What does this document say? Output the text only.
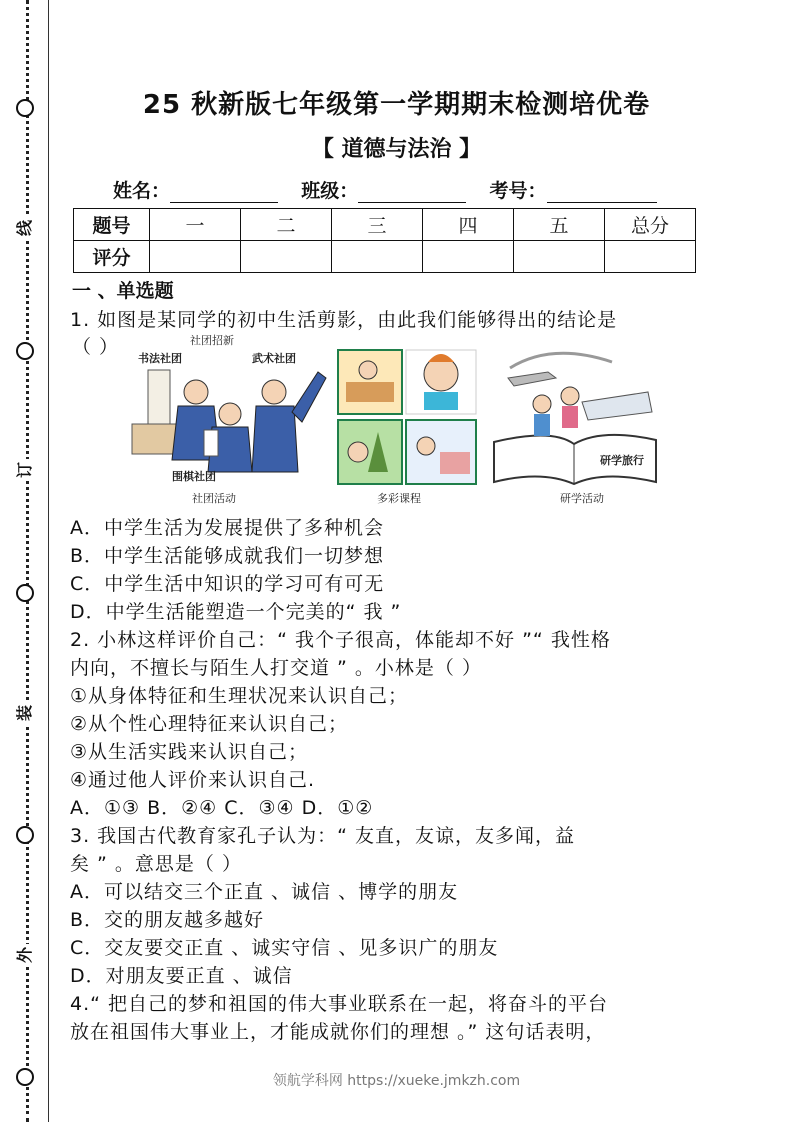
线
订
装
外
25 秋新版七年级第一学期期末检测培优卷
【 道德与法治 】
姓名：	班级：	考号：
题号	一	二	三	四	五	总分
评分						
一 、单选题
1. 如图是某同学的初中生活剪影，由此我们能够得出的结论是
（ ）	社团招新
书法社团	武术社团
围棋社团
社团活动	多彩课程
研学旅行
研学活动
A．中学生活为发展提供了多种机会
B．中学生活能够成就我们一切梦想
C．中学生活中知识的学习可有可无
D．中学生活能塑造一个完美的“ 我 ”
2. 小林这样评价自己：“ 我个子很高，体能却不好 ”“ 我性格
内向，不擅长与陌生人打交道 ” 。小林是（ ）
①从身体特征和生理状况来认识自己；
②从个性心理特征来认识自己；
③从生活实践来认识自己；
④通过他人评价来认识自己.
A．①③ B．②④ C．③④ D．①②
3. 我国古代教育家孔子认为：“ 友直，友谅，友多闻，益
矣 ” 。意思是（ ）
A．可以结交三个正直 、诚信 、博学的朋友
B．交的朋友越多越好
C．交友要交正直 、诚实守信 、见多识广的朋友
D．对朋友要正直 、诚信
4.“ 把自己的梦和祖国的伟大事业联系在一起，将奋斗的平台
放在祖国伟大事业上，才能成就你们的理想 。” 这句话表明，
领航学科网 https://xueke.jmkzh.com
